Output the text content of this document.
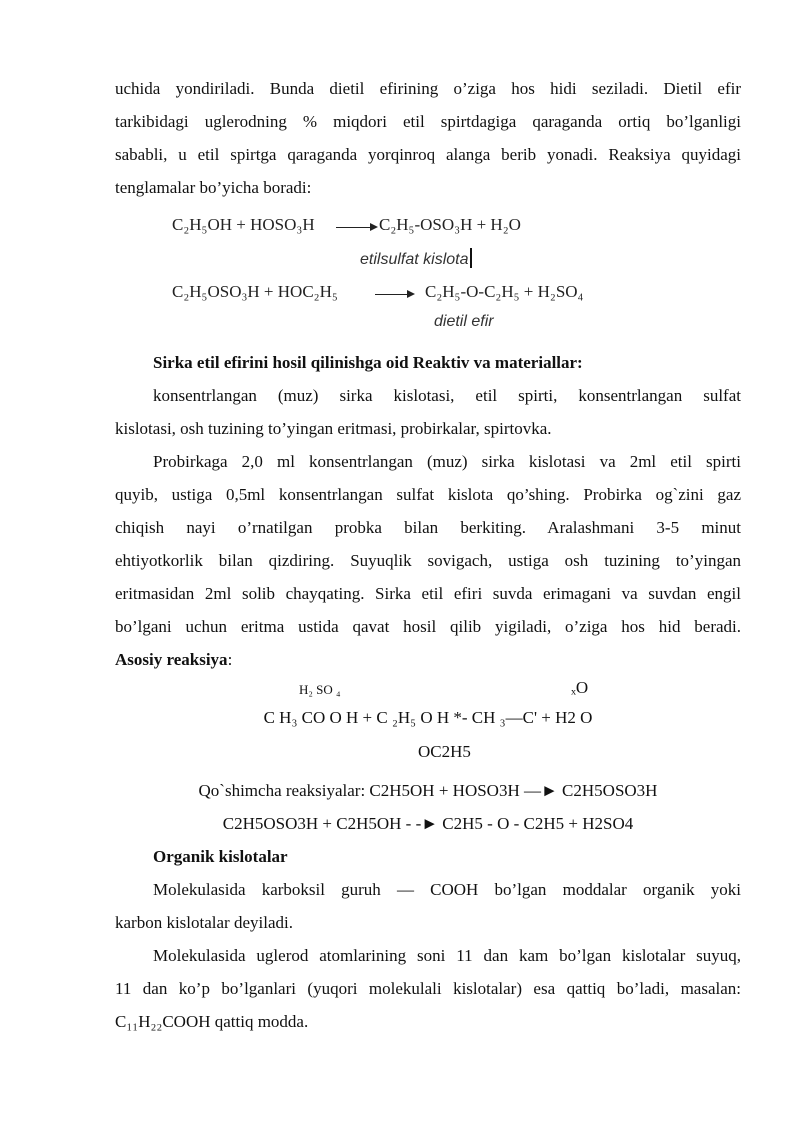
uchida yondiriladi. Bunda dietil efirining o’ziga hos hidi seziladi. Dietil efir

tarkibidagi uglerodning % miqdori etil spirtdagiga qaraganda ortiq bo’lganligi

sababli, u etil spirtga qaraganda yorqinroq alanga berib yonadi. Reaksiya quyidagi

tenglamalar bo’yicha boradi:

C₂H₅OH + HOSO₃H	C₂H₅-OSO₃H + H₂O
etilsulfat kislota
C₂H₅OSO₃H + HOC₂H₅	C₂H₅-O-C₂H₅ + H₂SO₄
dietil efir

Sirka etil efirini hosil qilinishga oid Reaktiv va materiallar:

konsentrlangan (muz) sirka kislotasi, etil spirti, konsentrlangan sulfat

kislotasi, osh tuzining to’yingan eritmasi, probirkalar, spirtovka.

Probirkaga 2,0 ml konsentrlangan (muz) sirka kislotasi va 2ml etil spirti

quyib, ustiga 0,5ml konsentrlangan sulfat kislota qo’shing. Probirka og`zini gaz

chiqish nayi o’rnatilgan probka bilan berkiting. Aralashmani 3-5 minut

ehtiyotkorlik bilan qizdiring. Suyuqlik sovigach, ustiga osh tuzining to’yingan

eritmasidan 2ml solib chayqating. Sirka etil efiri suvda erimagani va suvdan engil

bo’lgani uchun eritma ustida qavat hosil qilib yigiladi, o’ziga hos hid beradi.

Asosiy reaksiya:

H₂ SO ₄	ₓO

C H₃ CO O H + C ₂H₅ O H *- CH ₃—C' + H2 O

OC2H5

Qo`shimcha reaksiyalar: C2H5OH + HOSO3H —► C2H5OSO3H

C2H5OSO3H + C2H5OH - -► C2H5 - O - C2H5 + H2SO4

Organik kislotalar

Molekulasida karboksil guruh — COOH bo’lgan moddalar organik yoki

karbon kislotalar deyiladi.

Molekulasida uglerod atomlarining soni 11 dan kam bo’lgan kislotalar suyuq,

11 dan ko’p bo’lganlari (yuqori molekulali kislotalar) esa qattiq bo’ladi, masalan:

C₁₁H₂₂COOH qattiq modda.
